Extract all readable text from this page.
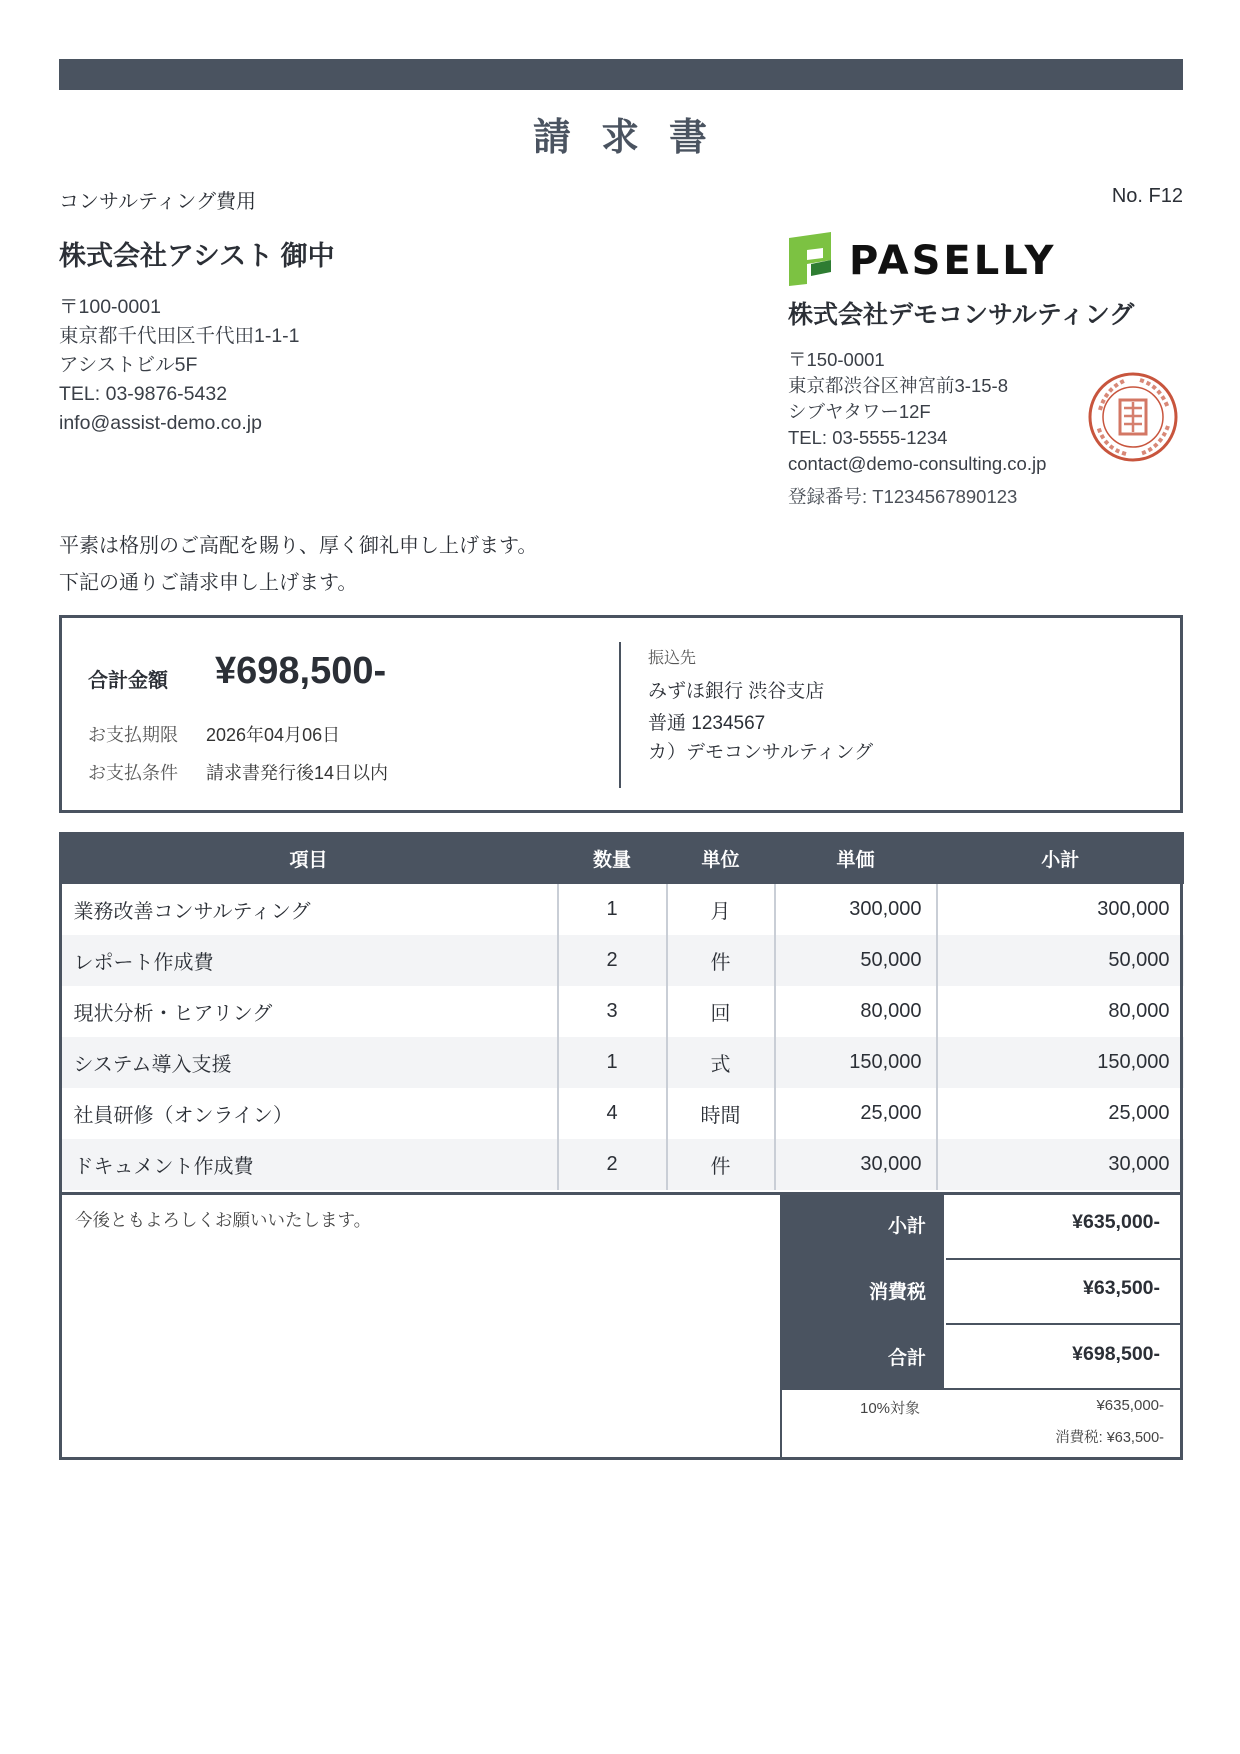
請求書
コンサルティング費用	No. F12
株式会社アシスト 御中
〒100-0001
東京都千代田区千代田1-1-1
アシストビル5F
TEL: 03-9876-5432
info@assist-demo.co.jp
PASELLY
株式会社デモコンサルティング
〒150-0001
東京都渋谷区神宮前3-15-8
シブヤタワー12F
TEL: 03-5555-1234
contact@demo-consulting.co.jp
登録番号: T1234567890123
平素は格別のご高配を賜り、厚く御礼申し上げます。
下記の通りご請求申し上げます。
合計金額 ¥698,500-
お支払期限 2026年04月06日
お支払条件 請求書発行後14日以内
振込先
みずほ銀行 渋谷支店
普通 1234567
カ）デモコンサルティング
項目	数量	単位	単価	小計
業務改善コンサルティング	1	月	300,000	300,000
レポート作成費	2	件	50,000	50,000
現状分析・ヒアリング	3	回	80,000	80,000
システム導入支援	1	式	150,000	150,000
社員研修（オンライン）	4	時間	25,000	25,000
ドキュメント作成費	2	件	30,000	30,000
今後ともよろしくお願いいたします。	小計	¥635,000-
消費税	¥63,500-
合計	¥698,500-
10%対象	¥635,000-
消費税: ¥63,500-
